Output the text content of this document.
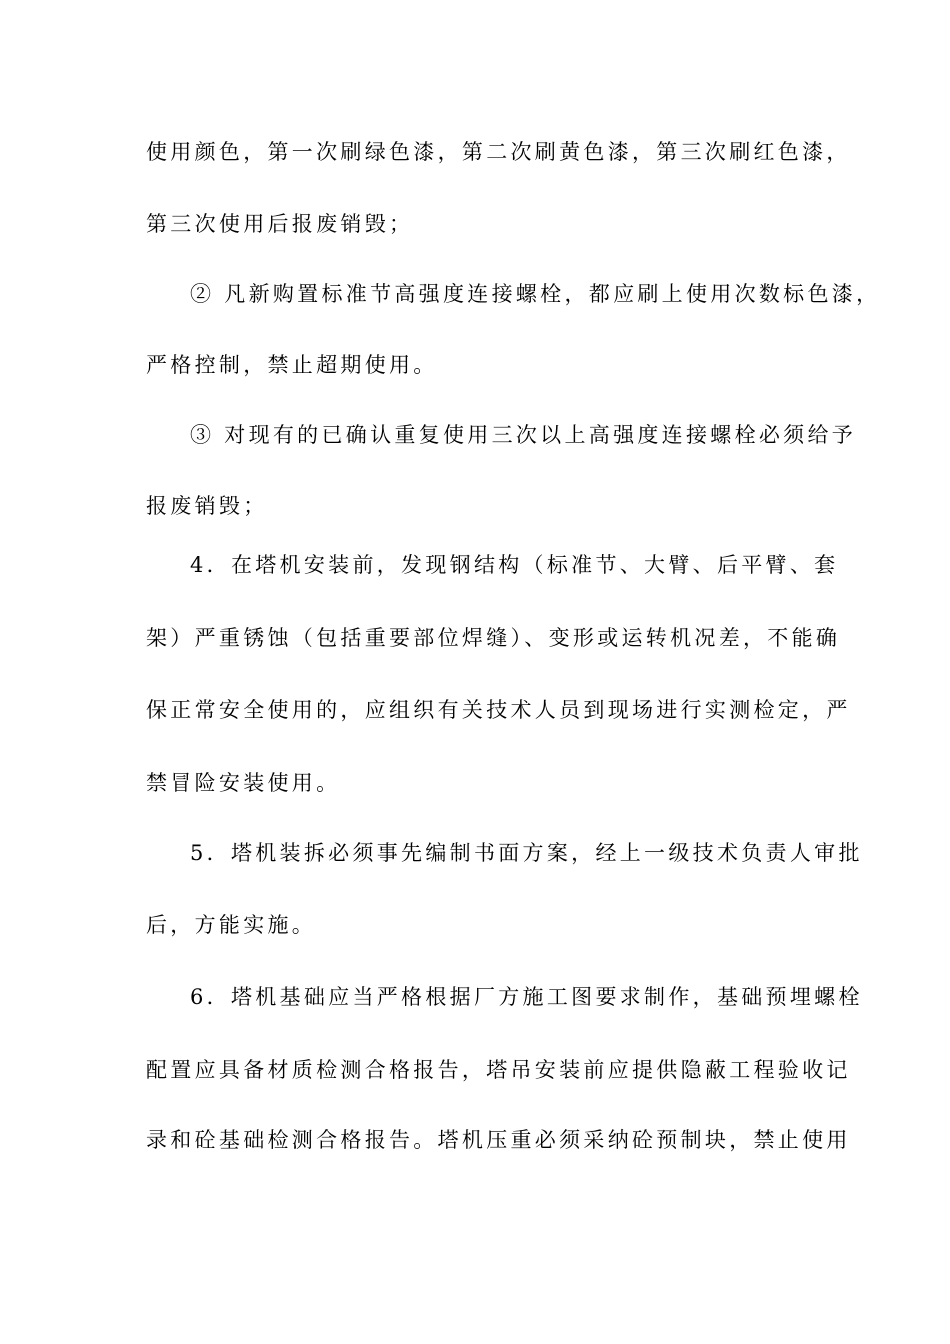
使用颜色，第一次刷绿色漆，第二次刷黄色漆，第三次刷红色漆，
第三次使用后报废销毁；
② 凡新购置标准节高强度连接螺栓，都应刷上使用次数标色漆，
严格控制，禁止超期使用。
③ 对现有的已确认重复使用三次以上高强度连接螺栓必须给予
报废销毁；
4．在塔机安装前，发现钢结构（标准节、大臂、后平臂、套
架）严重锈蚀（包括重要部位焊缝）、变形或运转机况差，不能确
保正常安全使用的，应组织有关技术人员到现场进行实测检定，严
禁冒险安装使用。
5．塔机装拆必须事先编制书面方案，经上一级技术负责人审批
后，方能实施。
6．塔机基础应当严格根据厂方施工图要求制作，基础预埋螺栓
配置应具备材质检测合格报告，塔吊安装前应提供隐蔽工程验收记
录和砼基础检测合格报告。塔机压重必须采纳砼预制块，禁止使用
